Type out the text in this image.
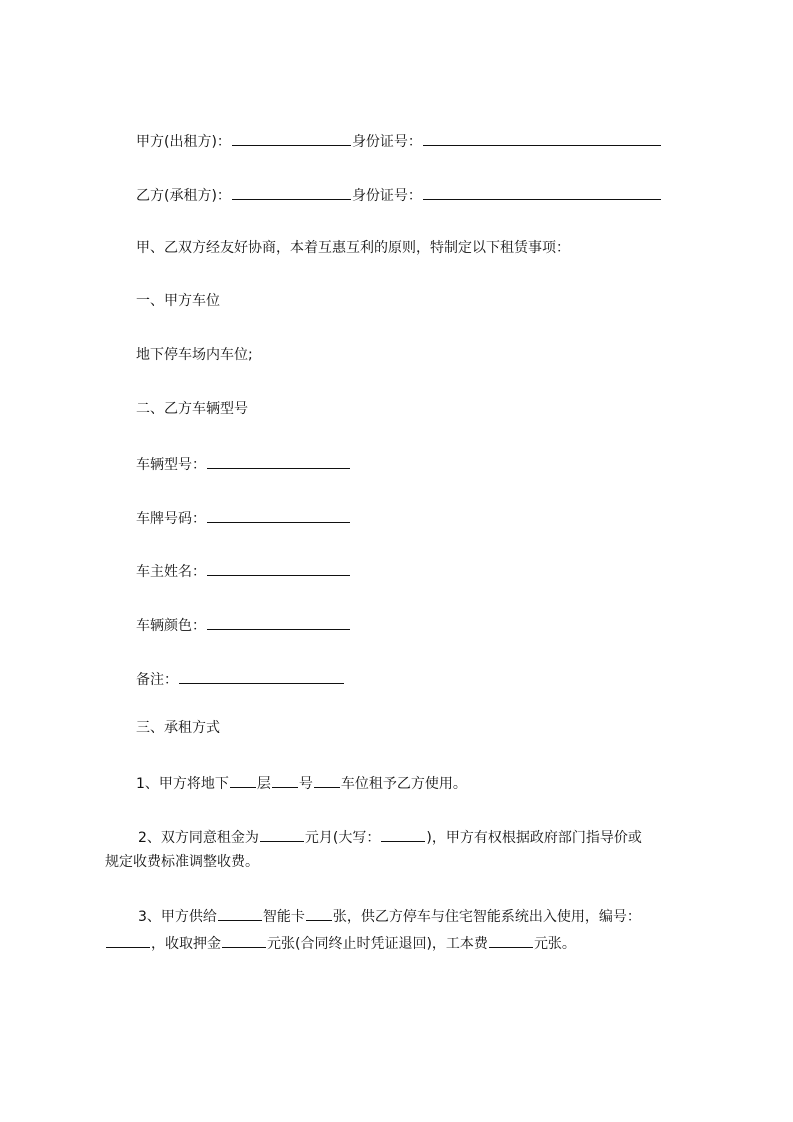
甲方(出租方)：	身份证号：
乙方(承租方)：	身份证号：
甲、乙双方经友好协商，本着互惠互利的原则，特制定以下租赁事项：
一、甲方车位
地下停车场内车位;
二、乙方车辆型号
车辆型号：
车牌号码：
车主姓名：
车辆颜色：
备注：
三、承租方式
1、甲方将地下 层 号 车位租予乙方使用。
2、双方同意租金为	元月(大写：	)，甲方有权根据政府部门指导价或
规定收费标准调整收费。
3、甲方供给	智能卡 张，供乙方停车与住宅智能系统出入使用，编号：
，收取押金	元张(合同终止时凭证退回)，工本费	元张。
